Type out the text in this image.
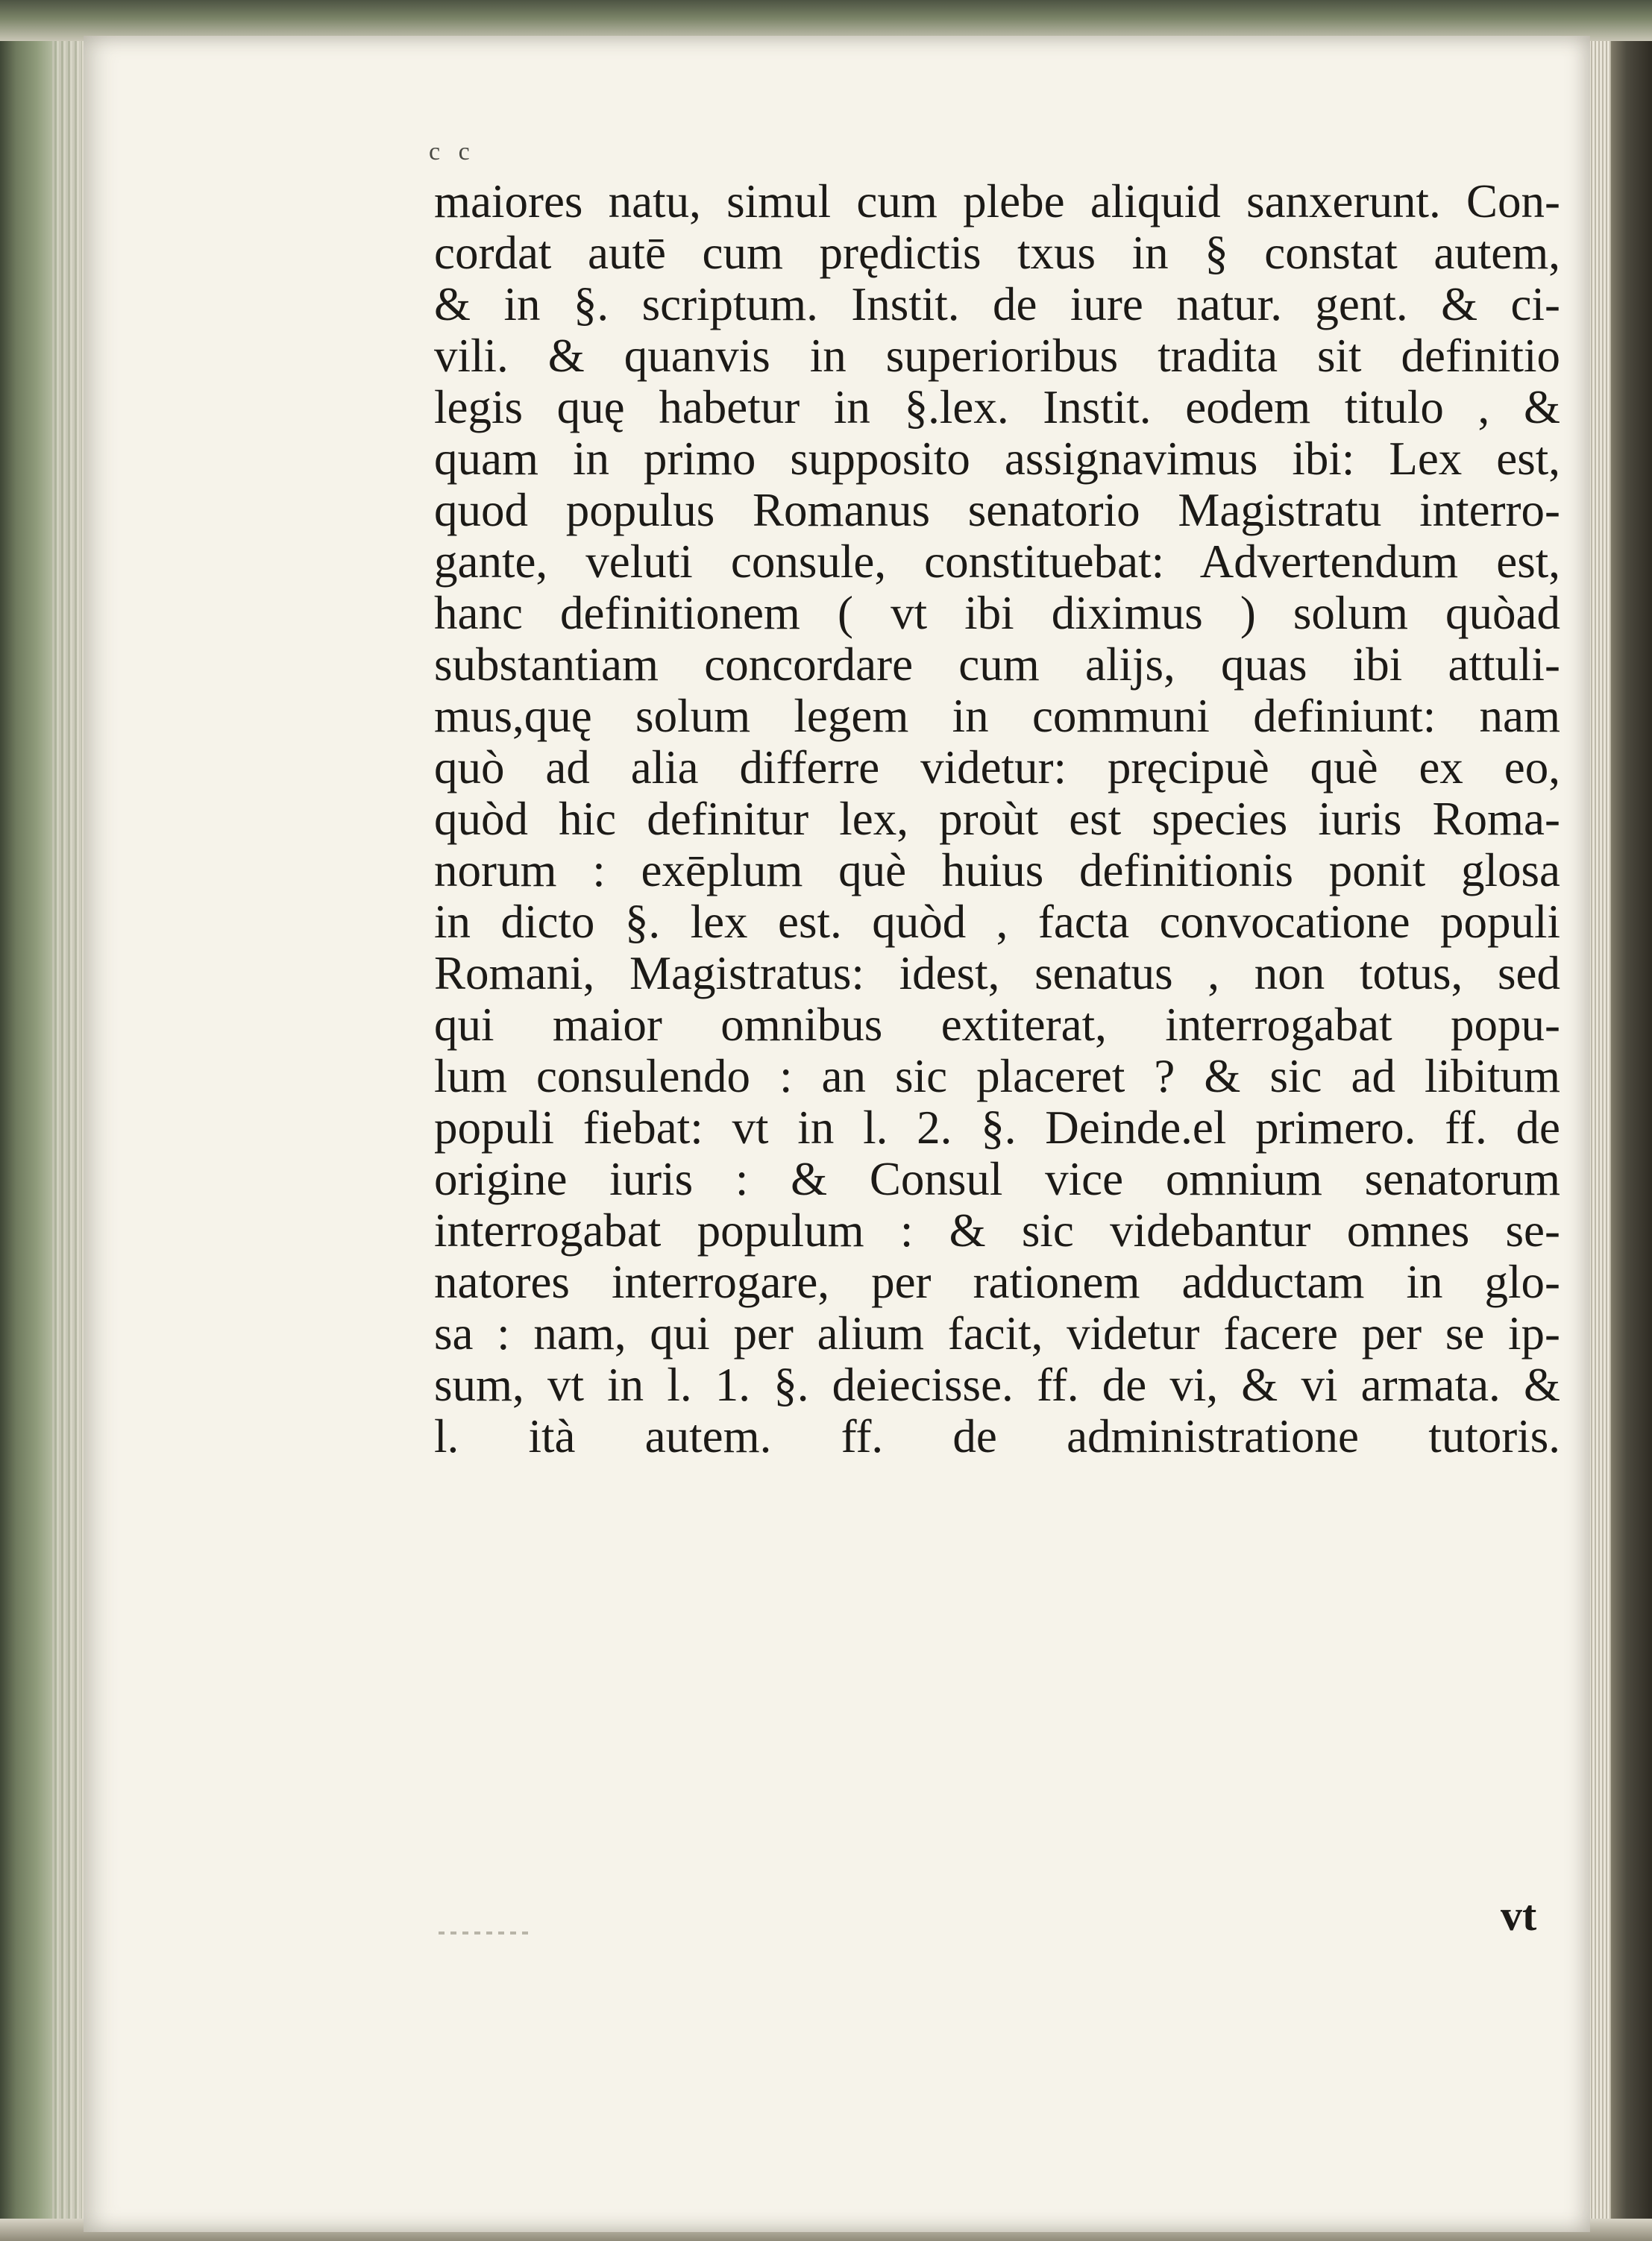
c c
maiores natu, simul cum plebe aliquid sanxerunt. Con-
cordat autē cum prędictis txus in § constat autem,
& in §. scriptum. Instit. de iure natur. gent. & ci-
vili. & quanvis in superioribus tradita sit definitio
legis quę habetur in §.lex. Instit. eodem titulo , &
quam in primo supposito assignavimus ibi: Lex est,
quod populus Romanus senatorio Magistratu interro-
gante, veluti consule, constituebat: Advertendum est,
hanc definitionem ( vt ibi diximus ) solum quòad
substantiam concordare cum alijs, quas ibi attuli-
mus,quę solum legem in communi definiunt: nam
quò ad alia differre videtur: pręcipuè què ex eo,
quòd hic definitur lex, proùt est species iuris Roma-
norum : exēplum què huius definitionis ponit glosa
in dicto §. lex est. quòd , facta convocatione populi
Romani, Magistratus: idest, senatus , non totus, sed
qui maior omnibus extiterat, interrogabat popu-
lum consulendo : an sic placeret ? & sic ad libitum
populi fiebat: vt in l. 2. §. Deinde.el primero. ff. de
origine iuris : & Consul vice omnium senatorum
interrogabat populum : & sic videbantur omnes se-
natores interrogare, per rationem adductam in glo-
sa : nam, qui per alium facit, videtur facere per se ip-
sum, vt in l. 1. §. deiecisse. ff. de vi, & vi armata. &
l. ità autem. ff. de administratione tutoris.
vt
